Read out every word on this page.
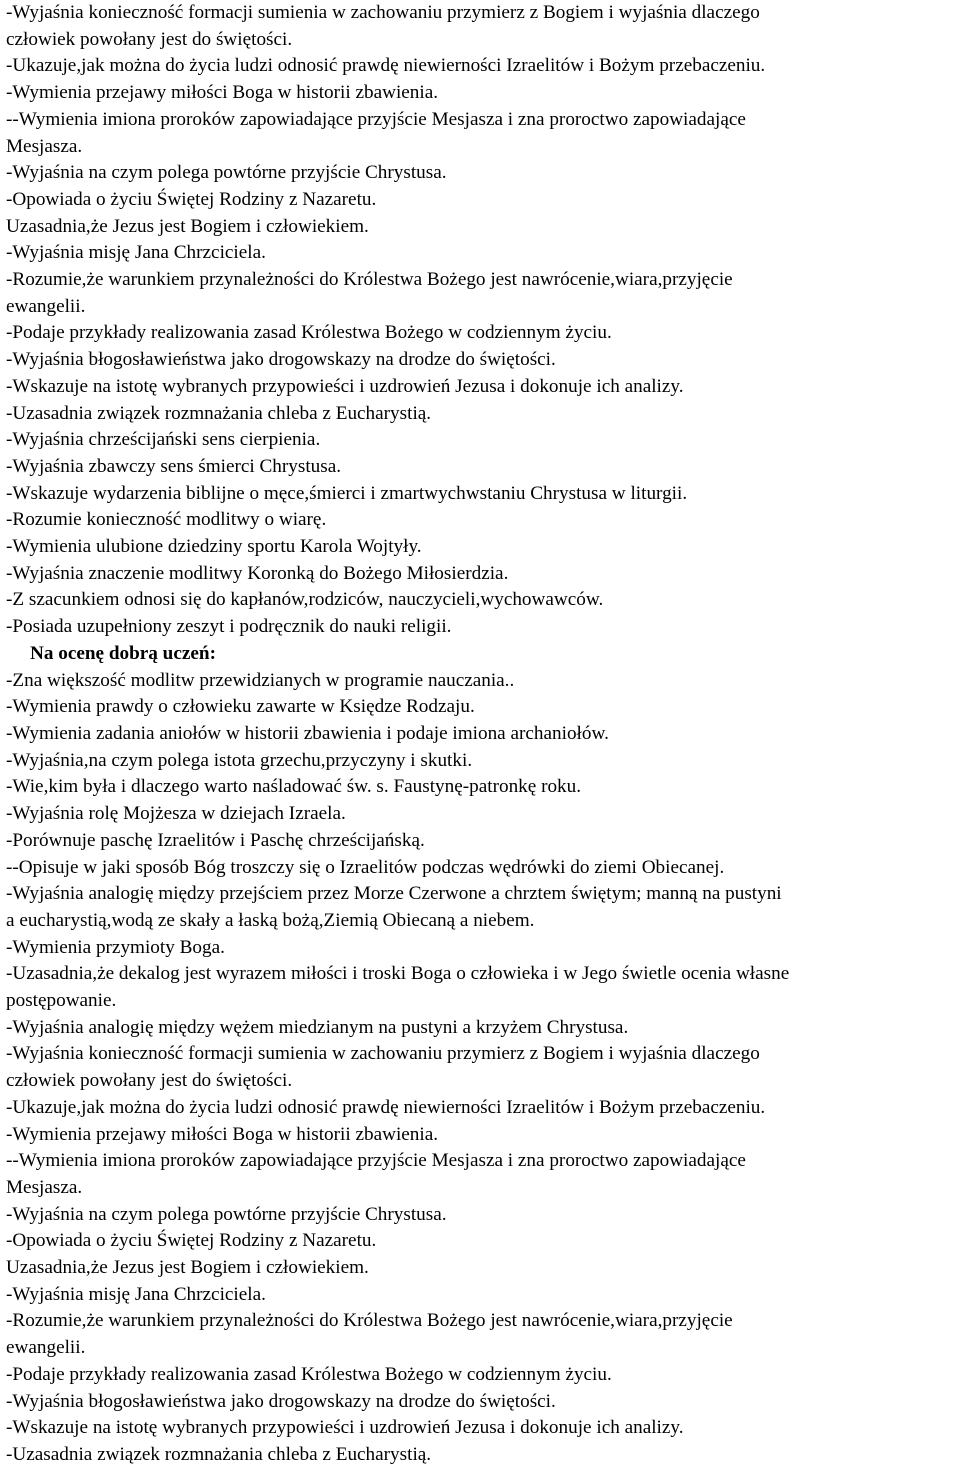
-Wyjaśnia konieczność formacji sumienia w zachowaniu przymierz z Bogiem i wyjaśnia dlaczego
człowiek powołany jest do świętości.
-Ukazuje,jak można do życia ludzi odnosić prawdę niewierności Izraelitów i Bożym przebaczeniu.
-Wymienia przejawy miłości Boga w historii zbawienia.
--Wymienia imiona proroków zapowiadające przyjście Mesjasza i zna proroctwo zapowiadające
Mesjasza.
-Wyjaśnia na czym polega powtórne przyjście Chrystusa.
-Opowiada o życiu Świętej Rodziny z Nazaretu.
Uzasadnia,że Jezus jest Bogiem i człowiekiem.
-Wyjaśnia misję Jana Chrzciciela.
-Rozumie,że warunkiem przynależności do Królestwa Bożego jest nawrócenie,wiara,przyjęcie
ewangelii.
-Podaje przykłady realizowania zasad Królestwa Bożego w codziennym życiu.
-Wyjaśnia błogosławieństwa jako drogowskazy na drodze do świętości.
-Wskazuje na istotę wybranych przypowieści i uzdrowień Jezusa i dokonuje ich analizy.
-Uzasadnia związek rozmnażania chleba z Eucharystią.
-Wyjaśnia chrześcijański sens cierpienia.
-Wyjaśnia zbawczy sens śmierci Chrystusa.
-Wskazuje wydarzenia biblijne o męce,śmierci i zmartwychwstaniu Chrystusa w liturgii.
-Rozumie konieczność modlitwy o wiarę.
-Wymienia ulubione dziedziny sportu Karola Wojtyły.
-Wyjaśnia znaczenie modlitwy Koronką do Bożego Miłosierdzia.
-Z szacunkiem odnosi się do kapłanów,rodziców, nauczycieli,wychowawców.
-Posiada uzupełniony zeszyt i podręcznik do nauki religii.
Na ocenę dobrą uczeń:
-Zna większość modlitw przewidzianych w programie nauczania..
-Wymienia prawdy o człowieku zawarte w Księdze Rodzaju.
-Wymienia zadania aniołów w historii zbawienia i podaje imiona archaniołów.
-Wyjaśnia,na czym polega istota grzechu,przyczyny i skutki.
-Wie,kim była i dlaczego warto naśladować św. s. Faustynę-patronkę roku.
-Wyjaśnia rolę Mojżesza w dziejach Izraela.
-Porównuje paschę Izraelitów i Paschę chrześcijańską.
--Opisuje w jaki sposób Bóg troszczy się o Izraelitów podczas wędrówki do ziemi Obiecanej.
-Wyjaśnia analogię między przejściem przez Morze Czerwone a chrztem świętym; manną na pustyni
a eucharystią,wodą ze skały a łaską bożą,Ziemią Obiecaną a niebem.
-Wymienia przymioty Boga.
-Uzasadnia,że dekalog jest wyrazem miłości i troski Boga o człowieka i w Jego świetle ocenia własne
postępowanie.
-Wyjaśnia analogię między wężem miedzianym na pustyni a krzyżem Chrystusa.
-Wyjaśnia konieczność formacji sumienia w zachowaniu przymierz z Bogiem i wyjaśnia dlaczego
człowiek powołany jest do świętości.
-Ukazuje,jak można do życia ludzi odnosić prawdę niewierności Izraelitów i Bożym przebaczeniu.
-Wymienia przejawy miłości Boga w historii zbawienia.
--Wymienia imiona proroków zapowiadające przyjście Mesjasza i zna proroctwo zapowiadające
Mesjasza.
-Wyjaśnia na czym polega powtórne przyjście Chrystusa.
-Opowiada o życiu Świętej Rodziny z Nazaretu.
Uzasadnia,że Jezus jest Bogiem i człowiekiem.
-Wyjaśnia misję Jana Chrzciciela.
-Rozumie,że warunkiem przynależności do Królestwa Bożego jest nawrócenie,wiara,przyjęcie
ewangelii.
-Podaje przykłady realizowania zasad Królestwa Bożego w codziennym życiu.
-Wyjaśnia błogosławieństwa jako drogowskazy na drodze do świętości.
-Wskazuje na istotę wybranych przypowieści i uzdrowień Jezusa i dokonuje ich analizy.
-Uzasadnia związek rozmnażania chleba z Eucharystią.
